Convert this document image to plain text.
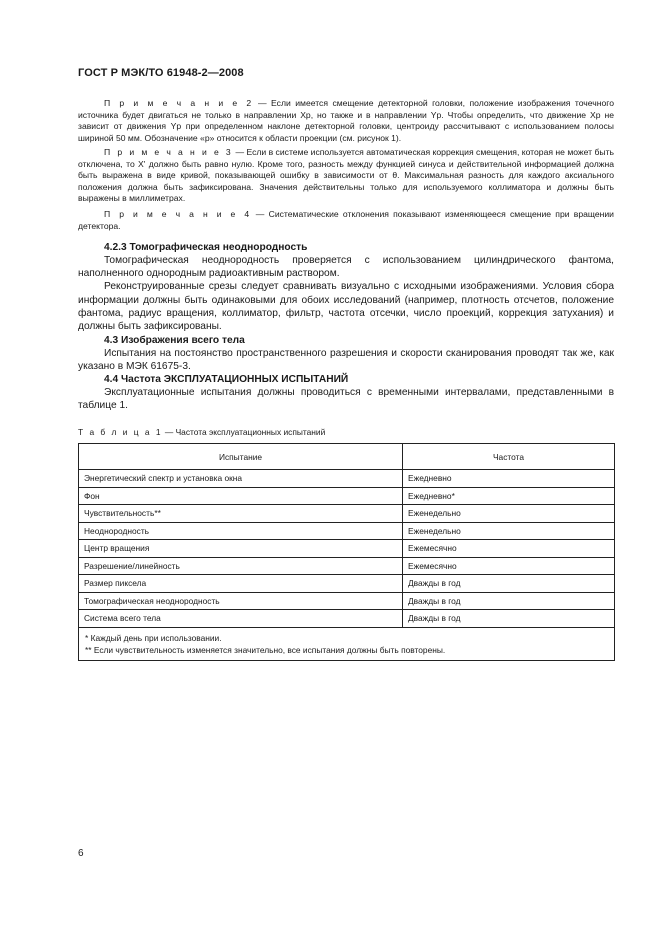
ГОСТ Р МЭК/ТО 61948-2—2008

П р и м е ч а н и е 2 — Если имеется смещение детекторной головки, положение изображения точечного источника будет двигаться не только в направлении Xр, но также и в направлении Yр. Чтобы определить, что движение Xр не зависит от движения Yр при определенном наклоне детекторной головки, центроиду рассчитывают с использованием полосы шириной 50 мм. Обозначение «р» относится к области проекции (см. рисунок 1).

П р и м е ч а н и е 3 — Если в системе используется автоматическая коррекция смещения, которая не может быть отключена, то X' должно быть равно нулю. Кроме того, разность между функцией синуса и действительной информацией должна быть выражена в виде кривой, показывающей ошибку в зависимости от θ. Максимальная разность для каждого аксиального положения должна быть зафиксирована. Значения действительны только для используемого коллиматора и должны быть выражены в миллиметрах.

П р и м е ч а н и е 4 — Систематические отклонения показывают изменяющееся смещение при вращении детектора.

4.2.3 Томографическая неоднородность

Томографическая неоднородность проверяется с использованием цилиндрического фантома, наполненного однородным радиоактивным раствором.

Реконструированные срезы следует сравнивать визуально с исходными изображениями. Условия сбора информации должны быть одинаковыми для обоих исследований (например, плотность отсчетов, положение фантома, радиус вращения, коллиматор, фильтр, частота отсечки, число проекций, коррекция затухания) и должны быть зафиксированы.

4.3 Изображения всего тела

Испытания на постоянство пространственного разрешения и скорости сканирования проводят так же, как указано в МЭК 61675-3.

4.4 Частота ЭКСПЛУАТАЦИОННЫХ ИСПЫТАНИЙ

Эксплуатационные испытания должны проводиться с временными интервалами, представленными в таблице 1.

Т а б л и ц а 1 — Частота эксплуатационных испытаний
Испытание	Частота
Энергетический спектр и установка окна	Ежедневно
Фон	Ежедневно*
Чувствительность**	Еженедельно
Неоднородность	Еженедельно
Центр вращения	Ежемесячно
Разрешение/линейность	Ежемесячно
Размер пиксела	Дважды в год
Томографическая неоднородность	Дважды в год
Система всего тела	Дважды в год

* Каждый день при использовании.
** Если чувствительность изменяется значительно, все испытания должны быть повторены.	
6
